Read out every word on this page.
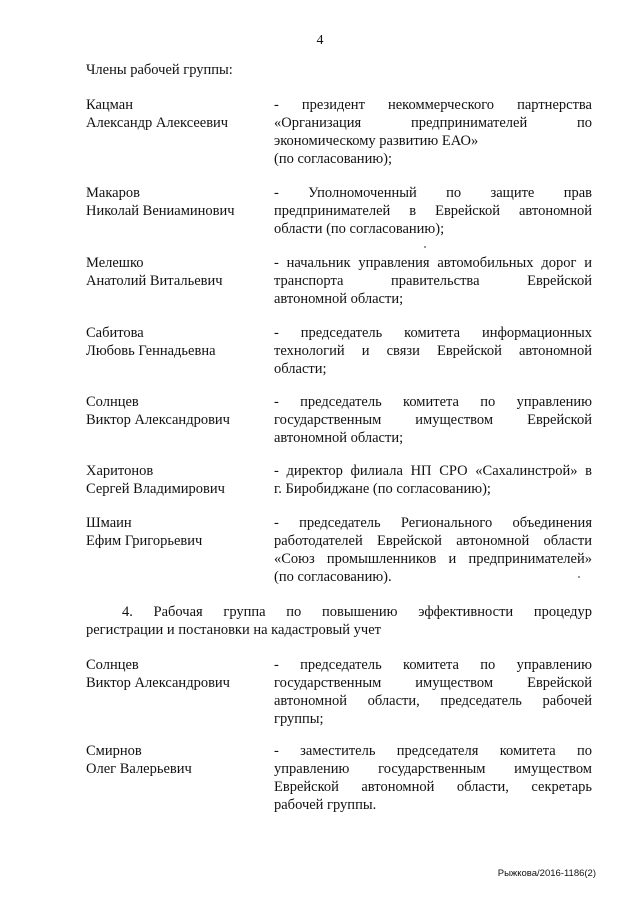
4
Члены рабочей группы:
Кацман
Александр Алексеевич
- президент некоммерческого партнерства
«Организация предпринимателей по
экономическому развитию ЕАО»
(по согласованию);
Макаров
Николай Вениаминович
- Уполномоченный по защите прав
предпринимателей в Еврейской автономной
области (по согласованию);
Мелешко
Анатолий Витальевич
- начальник управления автомобильных дорог и
транспорта правительства Еврейской
автономной области;
Сабитова
Любовь Геннадьевна
- председатель комитета информационных
технологий и связи Еврейской автономной
области;
Солнцев
Виктор Александрович
- председатель комитета по управлению
государственным имуществом Еврейской
автономной области;
Харитонов
Сергей Владимирович
- директор филиала НП СРО «Сахалинстрой» в
г. Биробиджане (по согласованию);
Шмаин
Ефим Григорьевич
- председатель Регионального объединения
работодателей Еврейской автономной области
«Союз промышленников и предпринимателей»
(по согласованию).
4. Рабочая группа по повышению эффективности процедур
регистрации и постановки на кадастровый учет
Солнцев
Виктор Александрович
- председатель комитета по управлению
государственным имуществом Еврейской
автономной области, председатель рабочей
группы;
Смирнов
Олег Валерьевич
- заместитель председателя комитета по
управлению государственным имуществом
Еврейской автономной области, секретарь
рабочей группы.
Рыжкова/2016-1186(2)
